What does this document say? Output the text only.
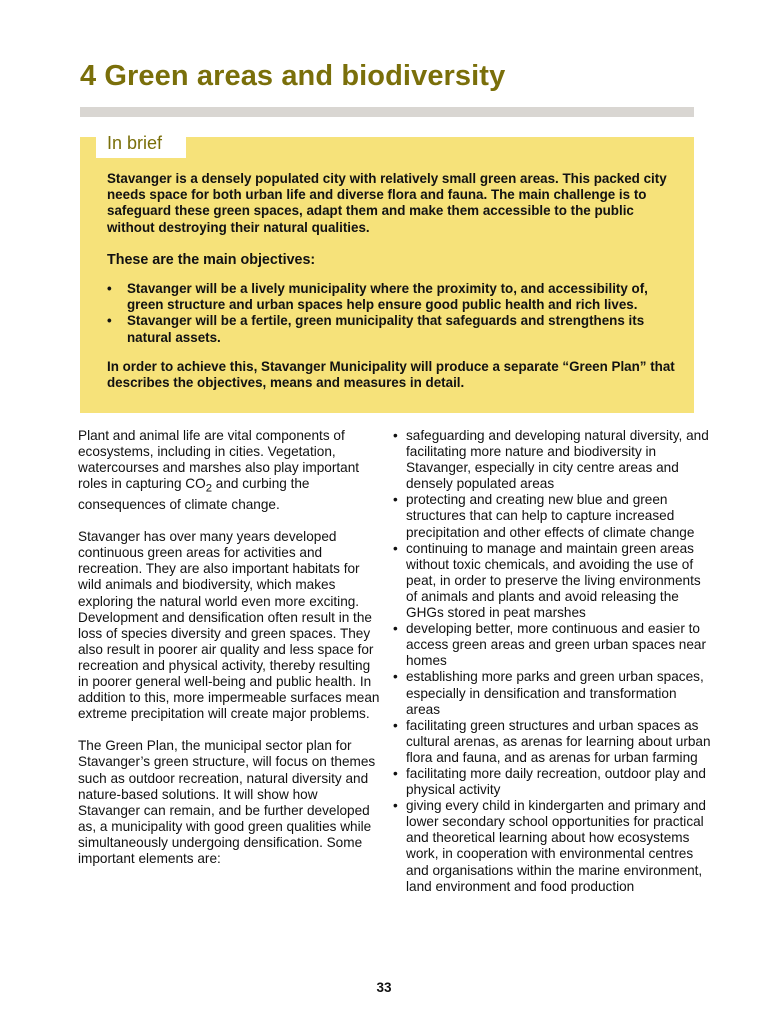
4 Green areas and biodiversity
In brief

Stavanger is a densely populated city with relatively small green areas. This packed city needs space for both urban life and diverse flora and fauna. The main challenge is to safeguard these green spaces, adapt them and make them accessible to the public without destroying their natural qualities.

These are the main objectives:

• Stavanger will be a lively municipality where the proximity to, and accessibility of, green structure and urban spaces help ensure good public health and rich lives.
• Stavanger will be a fertile, green municipality that safeguards and strengthens its natural assets.

In order to achieve this, Stavanger Municipality will produce a separate “Green Plan” that describes the objectives, means and measures in detail.

Plant and animal life are vital components of ecosystems, including in cities. Vegetation, watercourses and marshes also play important roles in capturing $CO_2$ and curbing the consequences of climate change.

Stavanger has over many years developed continuous green areas for activities and recreation. They are also important habitats for wild animals and biodiversity, which makes exploring the natural world even more exciting. Development and densification often result in the loss of species diversity and green spaces. They also result in poorer air quality and less space for recreation and physical activity, thereby resulting in poorer general well-being and public health. In addition to this, more impermeable surfaces mean extreme precipitation will create major problems.

The Green Plan, the municipal sector plan for Stavanger’s green structure, will focus on themes such as outdoor recreation, natural diversity and nature-based solutions. It will show how Stavanger can remain, and be further developed as, a municipality with good green qualities while simultaneously undergoing densification. Some important elements are:

• safeguarding and developing natural diversity, and facilitating more nature and biodiversity in Stavanger, especially in city centre areas and densely populated areas
• protecting and creating new blue and green structures that can help to capture increased precipitation and other effects of climate change
• continuing to manage and maintain green areas without toxic chemicals, and avoiding the use of peat, in order to preserve the living environments of animals and plants and avoid releasing the GHGs stored in peat marshes
• developing better, more continuous and easier to access green areas and green urban spaces near homes
• establishing more parks and green urban spaces, especially in densification and transformation areas
• facilitating green structures and urban spaces as cultural arenas, as arenas for learning about urban flora and fauna, and as arenas for urban farming
• facilitating more daily recreation, outdoor play and physical activity
• giving every child in kindergarten and primary and lower secondary school opportunities for practical and theoretical learning about how ecosystems work, in cooperation with environmental centres and organisations within the marine environment, land environment and food production
33
